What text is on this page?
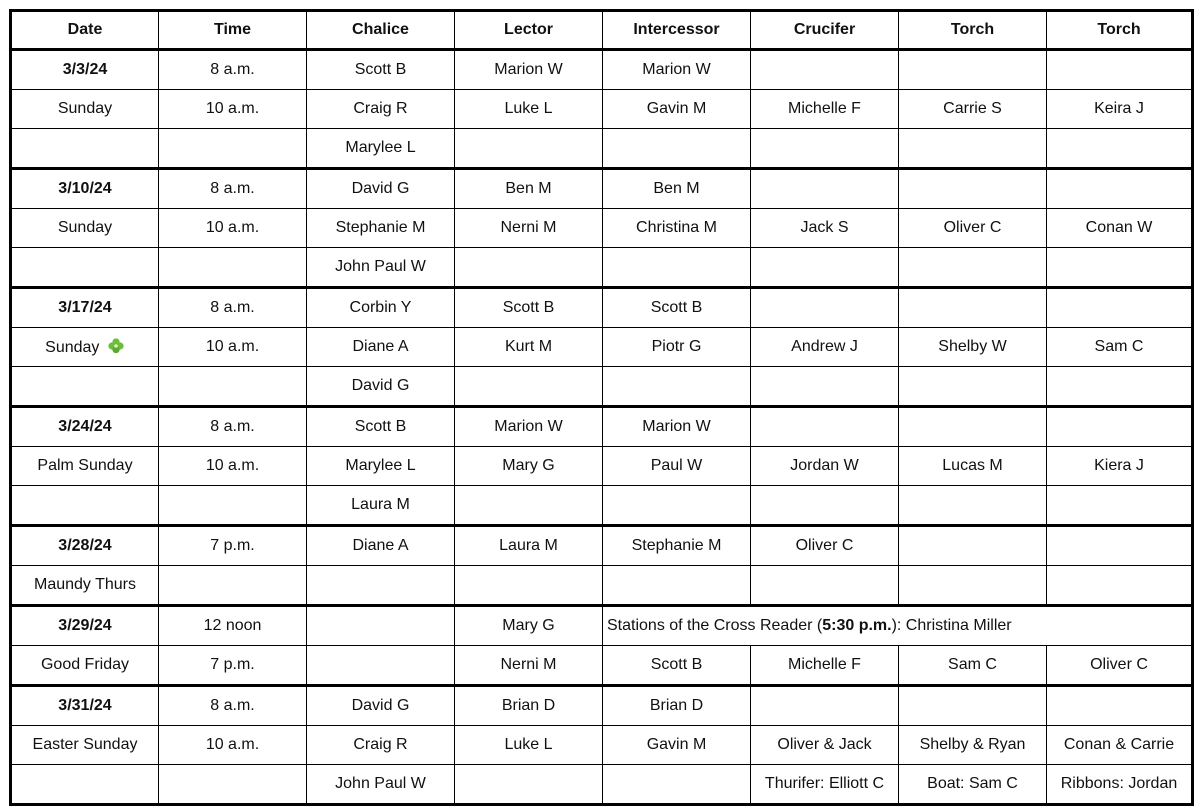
Date	Time	Chalice	Lector	Intercessor	Crucifer	Torch	Torch
3/3/24	8 a.m.	Scott B	Marion W	Marion W			
Sunday	10 a.m.	Craig R	Luke L	Gavin M	Michelle F	Carrie S	Keira J
		Marylee L					
3/10/24	8 a.m.	David G	Ben M	Ben M			
Sunday	10 a.m.	Stephanie M	Nerni M	Christina M	Jack S	Oliver C	Conan W
		John Paul W					
3/17/24	8 a.m.	Corbin Y	Scott B	Scott B			
Sunday	10 a.m.	Diane A	Kurt M	Piotr G	Andrew J	Shelby W	Sam C
		David G					
3/24/24	8 a.m.	Scott B	Marion W	Marion W			
Palm Sunday	10 a.m.	Marylee L	Mary G	Paul W	Jordan W	Lucas M	Kiera J
		Laura M					
3/28/24	7 p.m.	Diane A	Laura M	Stephanie M	Oliver C		
Maundy Thurs							
3/29/24	12 noon		Mary G	Stations of the Cross Reader (5:30 p.m.): Christina Miller			
Good Friday	7 p.m.		Nerni M	Scott B	Michelle F	Sam C	Oliver C
3/31/24	8 a.m.	David G	Brian D	Brian D			
Easter Sunday	10 a.m.	Craig R	Luke L	Gavin M	Oliver & Jack	Shelby & Ryan	Conan & Carrie
		John Paul W			Thurifer: Elliott C	Boat: Sam C	Ribbons: Jordan
